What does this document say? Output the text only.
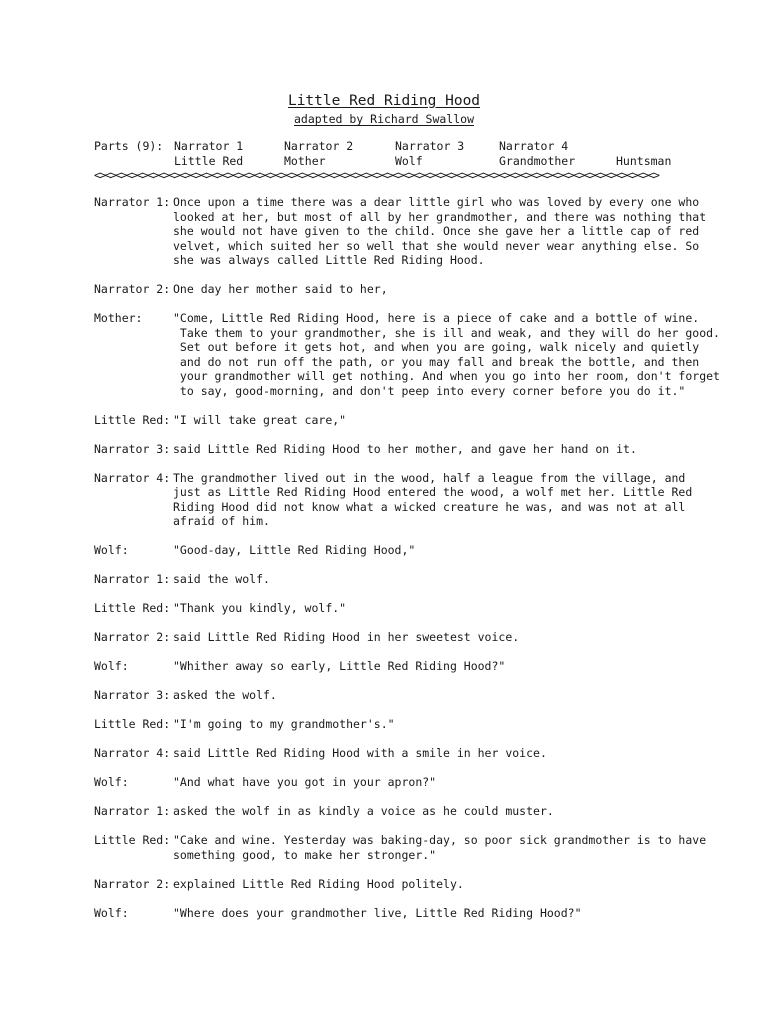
Little Red Riding Hood
adapted by Richard Swallow
Parts (9): Narrator 1	Narrator 2	Narrator 3	Narrator 4
Little Red	Mother	Wolf	Grandmother	Huntsman
<><><><><><><><><><><><><><><><><><><><><><><><><><><><><><><><><><><><><><><><><><><><><><><><><><><><><>
Narrator 1: Once upon a time there was a dear little girl who was loved by every one who
looked at her, but most of all by her grandmother, and there was nothing that
she would not have given to the child. Once she gave her a little cap of red
velvet, which suited her so well that she would never wear anything else. So
she was always called Little Red Riding Hood.
Narrator 2: One day her mother said to her,
Mother:	"Come, Little Red Riding Hood, here is a piece of cake and a bottle of wine.
Take them to your grandmother, she is ill and weak, and they will do her good.
Set out before it gets hot, and when you are going, walk nicely and quietly
and do not run off the path, or you may fall and break the bottle, and then
your grandmother will get nothing. And when you go into her room, don't forget
to say, good-morning, and don't peep into every corner before you do it."
Little Red: "I will take great care,"
Narrator 3: said Little Red Riding Hood to her mother, and gave her hand on it.
Narrator 4: The grandmother lived out in the wood, half a league from the village, and
just as Little Red Riding Hood entered the wood, a wolf met her. Little Red
Riding Hood did not know what a wicked creature he was, and was not at all
afraid of him.
Wolf:	"Good-day, Little Red Riding Hood,"
Narrator 1: said the wolf.
Little Red: "Thank you kindly, wolf."
Narrator 2: said Little Red Riding Hood in her sweetest voice.
Wolf:	"Whither away so early, Little Red Riding Hood?"
Narrator 3: asked the wolf.
Little Red: "I'm going to my grandmother's."
Narrator 4: said Little Red Riding Hood with a smile in her voice.
Wolf:	"And what have you got in your apron?"
Narrator 1: asked the wolf in as kindly a voice as he could muster.
Little Red: "Cake and wine. Yesterday was baking-day, so poor sick grandmother is to have
something good, to make her stronger."
Narrator 2: explained Little Red Riding Hood politely.
Wolf:	"Where does your grandmother live, Little Red Riding Hood?"
